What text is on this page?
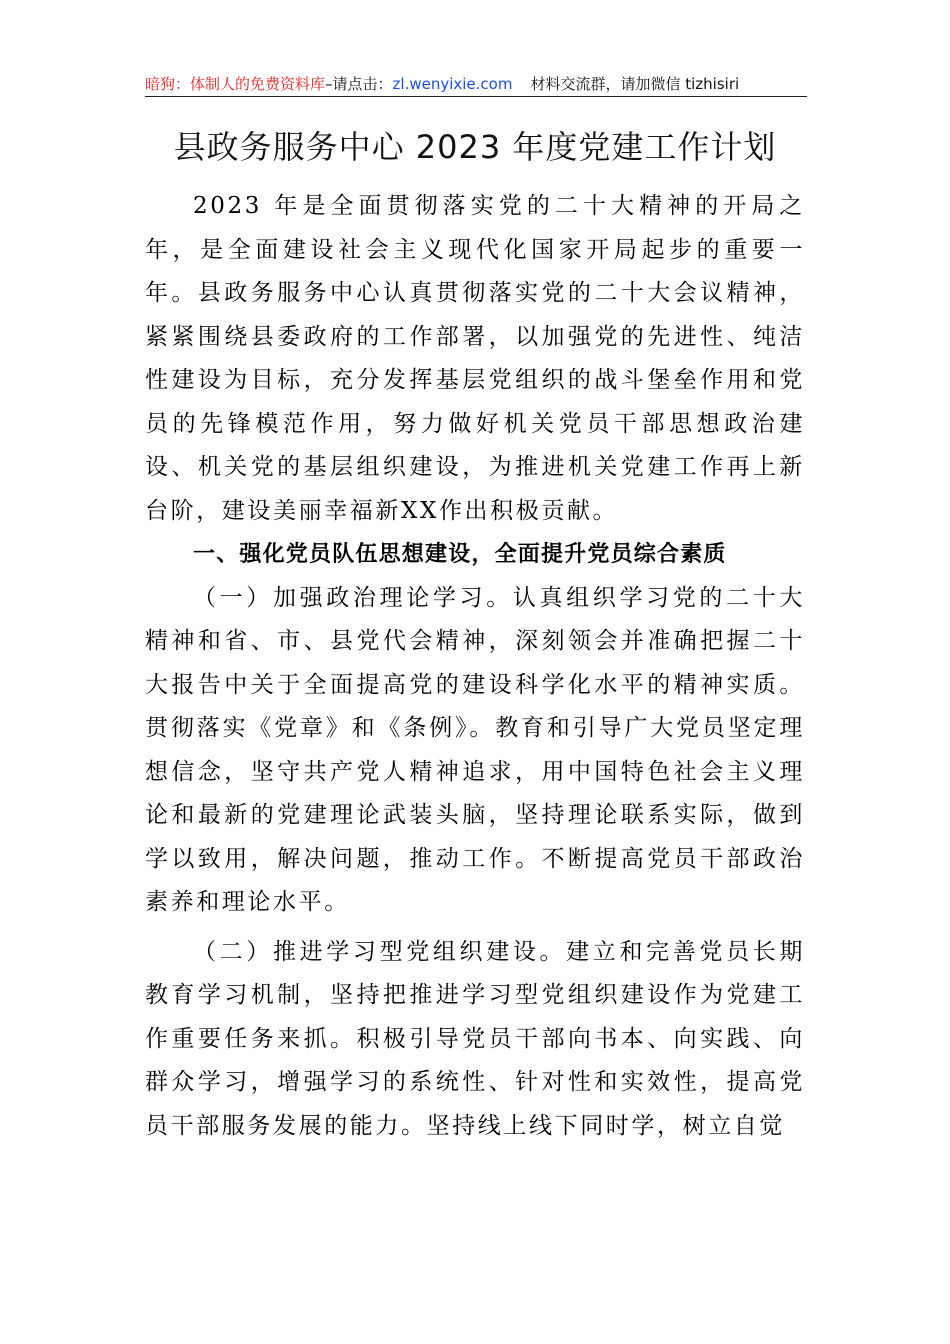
暗狗：体制人的免费资料库 –请点击： zl.wenyixie.com 材料交流群，请加微信 tizhisiri
县政务服务中心 2023 年度党建工作计划

2023 年是全面贯彻落实党的二十大精神的开局之年，是全面建设社会主义现代化国家开局起步的重要一年。县政务服务中心认真贯彻落实党的二十大会议精神，紧紧围绕县委政府的工作部署，以加强党的先进性、纯洁性建设为目标，充分发挥基层党组织的战斗堡垒作用和党员的先锋模范作用，努力做好机关党员干部思想政治建设、机关党的基层组织建设，为推进机关党建工作再上新台阶，建设美丽幸福新XX作出积极贡献。

一、强化党员队伍思想建设，全面提升党员综合素质

（一）加强政治理论学习。认真组织学习党的二十大精神和省、市、县党代会精神，深刻领会并准确把握二十大报告中关于全面提高党的建设科学化水平的精神实质。贯彻落实《党章》和《条例》。教育和引导广大党员坚定理想信念，坚守共产党人精神追求，用中国特色社会主义理论和最新的党建理论武装头脑，坚持理论联系实际，做到学以致用，解决问题，推动工作。不断提高党员干部政治素养和理论水平。

（二）推进学习型党组织建设。建立和完善党员长期教育学习机制，坚持把推进学习型党组织建设作为党建工作重要任务来抓。积极引导党员干部向书本、向实践、向群众学习，增强学习的系统性、针对性和实效性，提高党员干部服务发展的能力。坚持线上线下同时学，树立自觉
